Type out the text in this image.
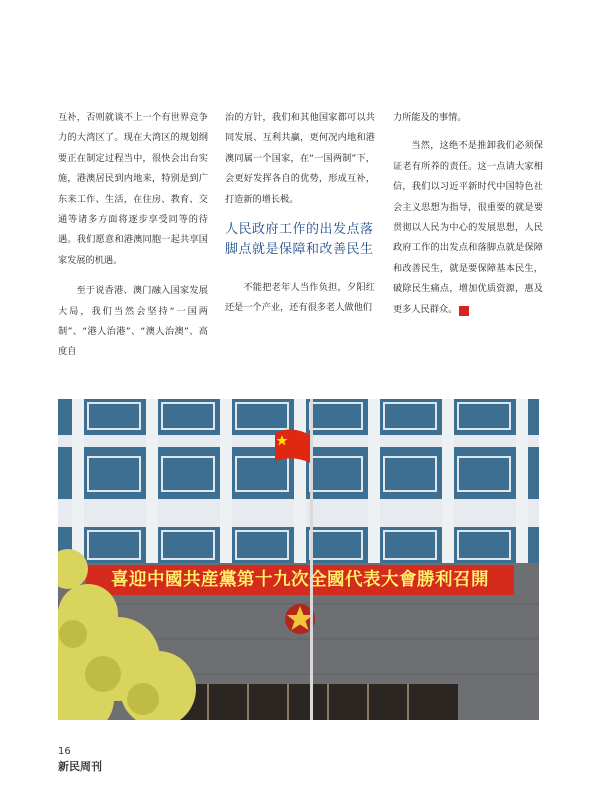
互补，否则就谈不上一个有世界竞争力的大湾区了。现在大湾区的规划纲要正在制定过程当中，很快会出台实施，港澳居民到内地来，特别是到广东来工作、生活，在住房、教育、交通等诸多方面将逐步享受同等的待遇。我们愿意和港澳同胞一起共享国家发展的机遇。

至于说香港、澳门融入国家发展大局，我们当然会坚持“一国两制”、“港人治港”、“澳人治澳”、高度自

治的方针，我们和其他国家都可以共同发展、互利共赢，更何况内地和港澳同属一个国家，在“一国两制”下，会更好发挥各自的优势，形成互补，打造新的增长极。

人民政府工作的出发点落脚点就是保障和改善民生

不能把老年人当作负担，夕阳红还是一个产业，还有很多老人做他们

力所能及的事情。

当然，这绝不是推卸我们必须保证老有所养的责任。这一点请大家相信，我们以习近平新时代中国特色社会主义思想为指导，很重要的就是要贯彻以人民为中心的发展思想，人民政府工作的出发点和落脚点就是保障和改善民生，就是要保障基本民生，破除民生痛点，增加优质资源，惠及更多人民群众。	N

喜迎中國共産黨第十九次全國代表大會勝利召開
16
新民周刊
